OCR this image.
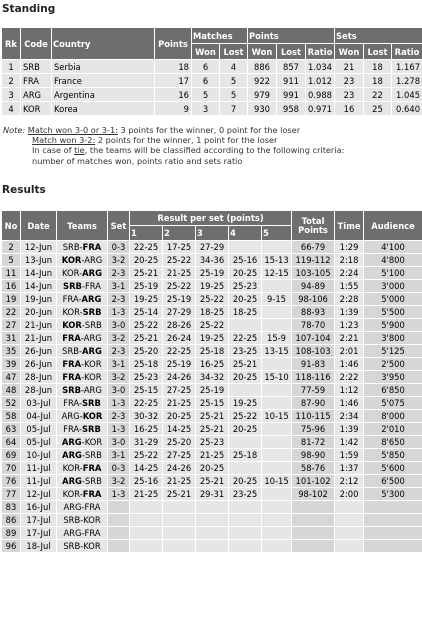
Standing
Rk	Code	Country	Points	Matches		Points			Sets		
				Won	Lost	Won	Lost	Ratio	Won	Lost	Ratio
1	SRB	Serbia	18	6	4	886	857	1.034	21	18	1.167
2	FRA	France	17	6	5	922	911	1.012	23	18	1.278
3	ARG	Argentina	16	5	5	979	991	0.988	23	22	1.045
4	KOR	Korea	9	3	7	930	958	0.971	16	25	0.640
Note: Match won 3-0 or 3-1: 3 points for the winner, 0 point for the loser
Match won 3-2: 2 points for the winner, 1 point for the loser
In case of tie, the teams will be classified according to the following criteria:
number of matches won, points ratio and sets ratio
Results
No	Date	Teams	Set	Result per set (points)					Total Points	Time	Audience
				1	2	3	4	5			
2	12-Jun	SRB-FRA	0-3	22-25	17-25	27-29			66-79	1:29	4'100
5	13-Jun	KOR-ARG	3-2	20-25	25-22	34-36	25-16	15-13	119-112	2:18	4'800
11	14-Jun	KOR-ARG	2-3	25-21	21-25	25-19	20-25	12-15	103-105	2:24	5'100
16	14-Jun	SRB-FRA	3-1	25-19	25-22	19-25	25-23		94-89	1:55	3'000
19	19-Jun	FRA-ARG	2-3	19-25	25-19	25-22	20-25	9-15	98-106	2:28	5'000
22	20-Jun	KOR-SRB	1-3	25-14	27-29	18-25	18-25		88-93	1:39	5'500
27	21-Jun	KOR-SRB	3-0	25-22	28-26	25-22			78-70	1:23	5'900
31	21-Jun	FRA-ARG	3-2	25-21	26-24	19-25	22-25	15-9	107-104	2:21	3'800
35	26-Jun	SRB-ARG	2-3	25-20	22-25	25-18	23-25	13-15	108-103	2:01	5'125
39	26-Jun	FRA-KOR	3-1	25-18	25-19	16-25	25-21		91-83	1:46	2'500
47	28-Jun	FRA-KOR	3-2	25-23	24-26	34-32	20-25	15-10	118-116	2:22	3'950
48	28-Jun	SRB-ARG	3-0	25-15	27-25	25-19			77-59	1:12	6'850
52	03-Jul	FRA-SRB	1-3	22-25	21-25	25-15	19-25		87-90	1:46	5'075
58	04-Jul	ARG-KOR	2-3	30-32	20-25	25-21	25-22	10-15	110-115	2:34	8'000
63	05-Jul	FRA-SRB	1-3	16-25	14-25	25-21	20-25		75-96	1:39	2'010
64	05-Jul	ARG-KOR	3-0	31-29	25-20	25-23			81-72	1:42	8'650
69	10-Jul	ARG-SRB	3-1	25-22	27-25	21-25	25-18		98-90	1:59	5'850
70	11-Jul	KOR-FRA	0-3	14-25	24-26	20-25			58-76	1:37	5'600
76	11-Jul	ARG-SRB	3-2	25-16	21-25	25-21	20-25	10-15	101-102	2:12	6'500
77	12-Jul	KOR-FRA	1-3	21-25	25-21	29-31	23-25		98-102	2:00	5'300
83	16-Jul	ARG-FRA									
86	17-Jul	SRB-KOR									
89	17-Jul	ARG-FRA									
96	18-Jul	SRB-KOR									
